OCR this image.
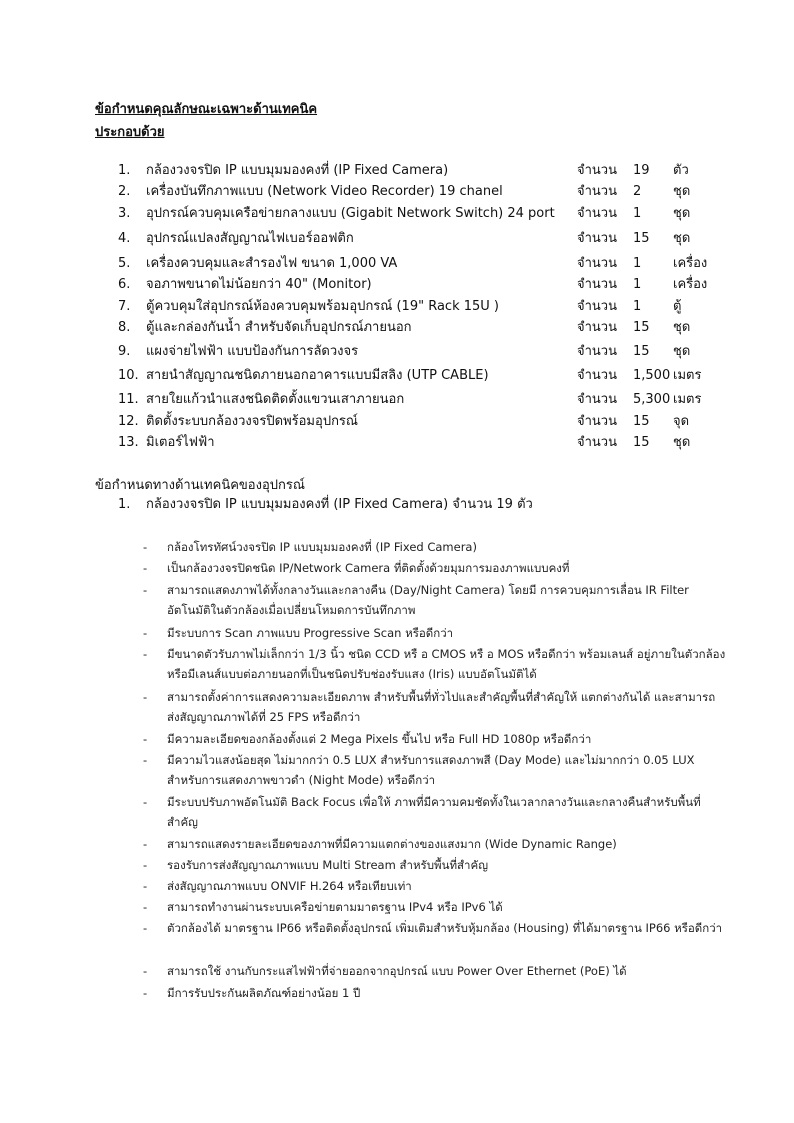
ข้อกำหนดคุณลักษณะเฉพาะด้านเทคนิค
ประกอบด้วย
1. กล้องวงจรปิด IP แบบมุมมองคงที่ (IP Fixed Camera)	จำนวน 19 ตัว
2. เครื่องบันทึกภาพแบบ (Network Video Recorder) 19 chanel	จำนวน 2 ชุด
3. อุปกรณ์ควบคุมเครือข่ายกลางแบบ (Gigabit Network Switch) 24 port จำนวน 1 ชุด
4. อุปกรณ์แปลงสัญญาณไฟเบอร์ออฟติก	จำนวน 15 ชุด
5. เครื่องควบคุมและสำรองไฟ ขนาด 1,000 VA	จำนวน 1 เครื่อง
6. จอภาพขนาดไม่น้อยกว่า 40" (Monitor)	จำนวน 1 เครื่อง
7. ตู้ควบคุมใส่อุปกรณ์ห้องควบคุมพร้อมอุปกรณ์ (19" Rack 15U )	จำนวน 1 ตู้
8. ตู้และกล่องกันน้ำ สำหรับจัดเก็บอุปกรณ์ภายนอก	จำนวน 15 ชุด
9. แผงจ่ายไฟฟ้า แบบป้องกันการลัดวงจร	จำนวน 15 ชุด
10. สายนำสัญญาณชนิดภายนอกอาคารแบบมีสลิง (UTP CABLE)	จำนวน 1,500 เมตร
11. สายใยแก้วนำแสงชนิดติดตั้งแขวนเสาภายนอก	จำนวน 5,300 เมตร
12. ติดตั้งระบบกล้องวงจรปิดพร้อมอุปกรณ์	จำนวน 15 จุด
13. มิเตอร์ไฟฟ้า	จำนวน 15 ชุด
ข้อกำหนดทางด้านเทคนิคของอุปกรณ์
1. กล้องวงจรปิด IP แบบมุมมองคงที่ (IP Fixed Camera) จำนวน 19 ตัว
- กล้องโทรทัศน์วงจรปิด IP แบบมุมมองคงที่ (IP Fixed Camera)
- เป็นกล้องวงจรปิดชนิด IP/Network Camera ที่ติดตั้งด้วยมุมการมองภาพแบบคงที่
- สามารถแสดงภาพได้ทั้งกลางวันและกลางคืน (Day/Night Camera) โดยมี การควบคุมการเลื่อน IR Filter อัตโนมัติในตัวกล้องเมื่อเปลี่ยนโหมดการบันทึกภาพ
- มีระบบการ Scan ภาพแบบ Progressive Scan หรือดีกว่า
- มีขนาดตัวรับภาพไม่เล็กกว่า 1/3 นิ้ว ชนิด CCD หรื อ CMOS หรื อ MOS หรือดีกว่า พร้อมเลนส์ อยู่ภายในตัวกล้องหรือมีเลนส์แบบต่อภายนอกที่เป็นชนิดปรับช่องรับแสง (Iris) แบบอัตโนมัติได้
- สามารถตั้งค่าการแสดงความละเอียดภาพ สำหรับพื้นที่ทั่วไปและสำคัญพื้นที่สำคัญให้ แตกต่างกันได้ และสามารถส่งสัญญาณภาพได้ที่ 25 FPS หรือดีกว่า
- มีความละเอียดของกล้องตั้งแต่ 2 Mega Pixels ขึ้นไป หรือ Full HD 1080p หรือดีกว่า
- มีความไวแสงน้อยสุด ไม่มากกว่า 0.5 LUX สำหรับการแสดงภาพสี (Day Mode) และไม่มากกว่า 0.05 LUX สำหรับการแสดงภาพขาวดำ (Night Mode) หรือดีกว่า
- มีระบบปรับภาพอัตโนมัติ Back Focus เพื่อให้ ภาพที่มีความคมชัดทั้งในเวลากลางวันและกลางคืนสำหรับพื้นที่สำคัญ
- สามารถแสดงรายละเอียดของภาพที่มีความแตกต่างของแสงมาก (Wide Dynamic Range)
- รองรับการส่งสัญญาณภาพแบบ Multi Stream สำหรับพื้นที่สำคัญ
- ส่งสัญญาณภาพแบบ ONVIF H.264 หรือเทียบเท่า
- สามารถทำงานผ่านระบบเครือข่ายตามมาตรฐาน IPv4 หรือ IPv6 ได้
- ตัวกล้องได้ มาตรฐาน IP66 หรือติดตั้งอุปกรณ์ เพิ่มเติมสำหรับหุ้มกล้อง (Housing) ที่ได้มาตรฐาน IP66 หรือดีกว่า
- สามารถใช้ งานกับกระแสไฟฟ้าที่จ่ายออกจากอุปกรณ์ แบบ Power Over Ethernet (PoE) ได้
- มีการรับประกันผลิตภัณฑ์อย่างน้อย 1 ปี
